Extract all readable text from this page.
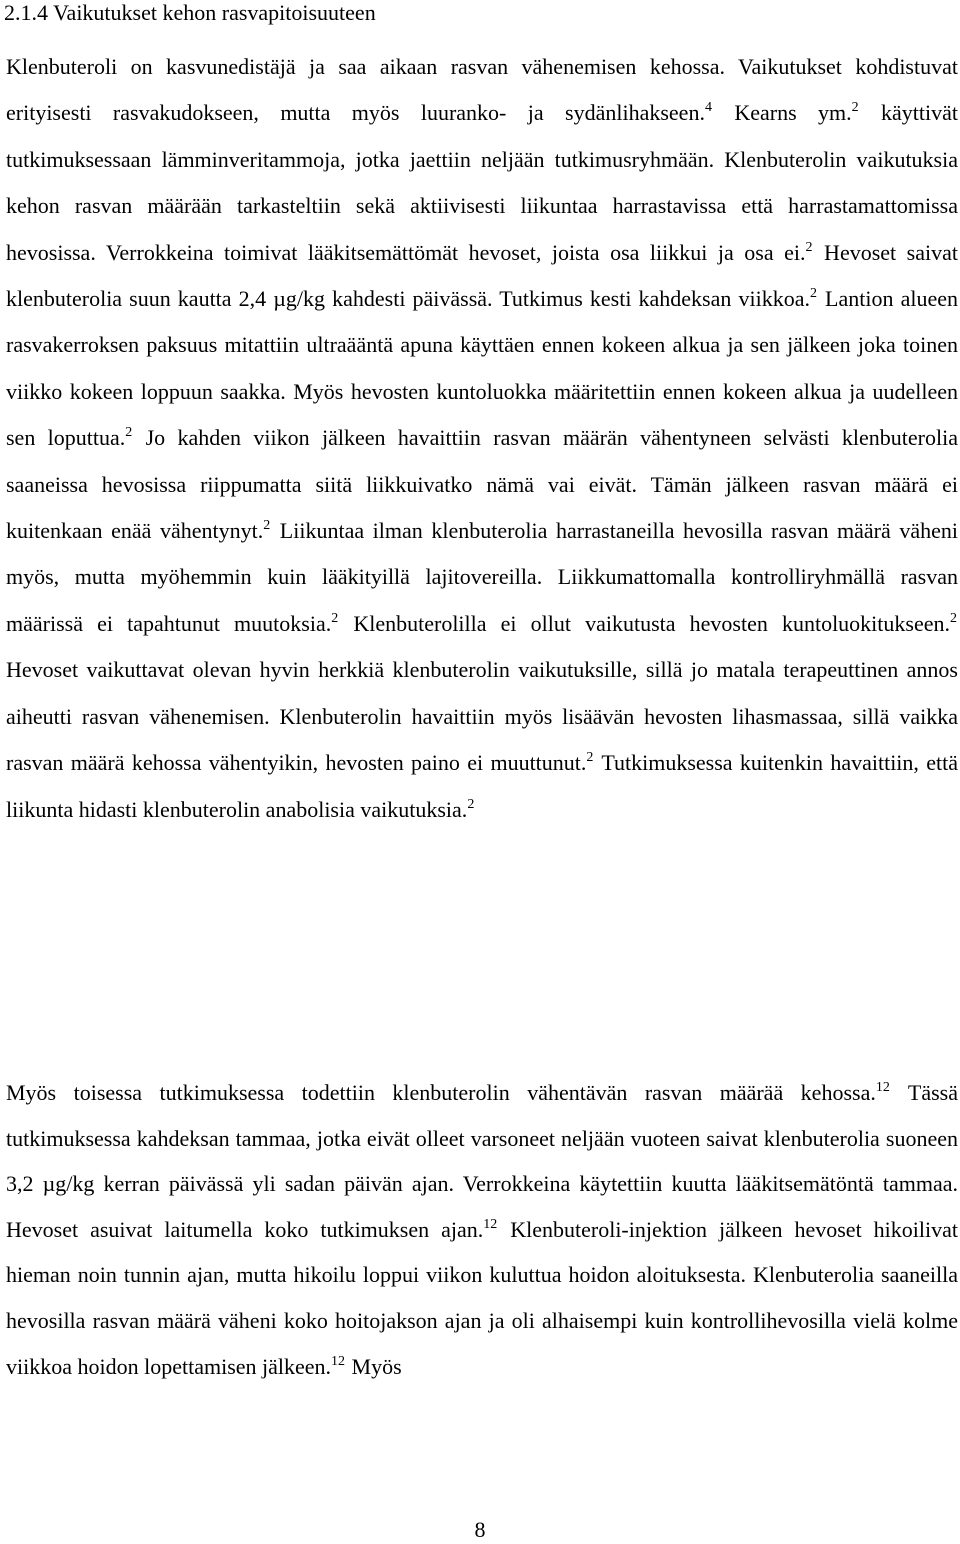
2.1.4 Vaikutukset kehon rasvapitoisuuteen

Klenbuteroli on kasvunedistäjä ja saa aikaan rasvan vähenemisen kehossa. Vaikutukset kohdistuvat erityisesti rasvakudokseen, mutta myös luuranko- ja sydänlihakseen.$^4$ Kearns ym.$^2$ käyttivät tutkimuksessaan lämminveritammoja, jotka jaettiin neljään tutkimusryhmään. Klenbuterolin vaikutuksia kehon rasvan määrään tarkasteltiin sekä aktiivisesti liikuntaa harrastavissa että harrastamattomissa hevosissa. Verrokkeina toimivat lääkitsemättömät hevoset, joista osa liikkui ja osa ei.$^2$ Hevoset saivat klenbuterolia suun kautta 2,4 µg/kg kahdesti päivässä. Tutkimus kesti kahdeksan viikkoa.$^2$ Lantion alueen rasvakerroksen paksuus mitattiin ultraääntä apuna käyttäen ennen kokeen alkua ja sen jälkeen joka toinen viikko kokeen loppuun saakka. Myös hevosten kuntoluokka määritettiin ennen kokeen alkua ja uudelleen sen loputtua.$^2$ Jo kahden viikon jälkeen havaittiin rasvan määrän vähentyneen selvästi klenbuterolia saaneissa hevosissa riippumatta siitä liikkuivatko nämä vai eivät. Tämän jälkeen rasvan määrä ei kuitenkaan enää vähentynyt.$^2$ Liikuntaa ilman klenbuterolia harrastaneilla hevosilla rasvan määrä väheni myös, mutta myöhemmin kuin lääkityillä lajitovereilla. Liikkumattomalla kontrolliryhmällä rasvan määrissä ei tapahtunut muutoksia.$^2$ Klenbuterolilla ei ollut vaikutusta hevosten kuntoluokitukseen.$^2$ Hevoset vaikuttavat olevan hyvin herkkiä klenbuterolin vaikutuksille, sillä jo matala terapeuttinen annos aiheutti rasvan vähenemisen. Klenbuterolin havaittiin myös lisäävän hevosten lihasmassaa, sillä vaikka rasvan määrä kehossa vähentyikin, hevosten paino ei muuttunut.$^2$ Tutkimuksessa kuitenkin havaittiin, että liikunta hidasti klenbuterolin anabolisia vaikutuksia.$^2$

Myös toisessa tutkimuksessa todettiin klenbuterolin vähentävän rasvan määrää kehossa.$^{12}$ Tässä tutkimuksessa kahdeksan tammaa, jotka eivät olleet varsoneet neljään vuoteen saivat klenbuterolia suoneen 3,2 µg/kg kerran päivässä yli sadan päivän ajan. Verrokkeina käytettiin kuutta lääkitsemätöntä tammaa. Hevoset asuivat laitumella koko tutkimuksen ajan.$^{12}$ Klenbuteroli-injektion jälkeen hevoset hikoilivat hieman noin tunnin ajan, mutta hikoilu loppui viikon kuluttua hoidon aloituksesta. Klenbuterolia saaneilla hevosilla rasvan määrä väheni koko hoitojakson ajan ja oli alhaisempi kuin kontrollihevosilla vielä kolme viikkoa hoidon lopettamisen jälkeen.$^{12}$ Myös

8
